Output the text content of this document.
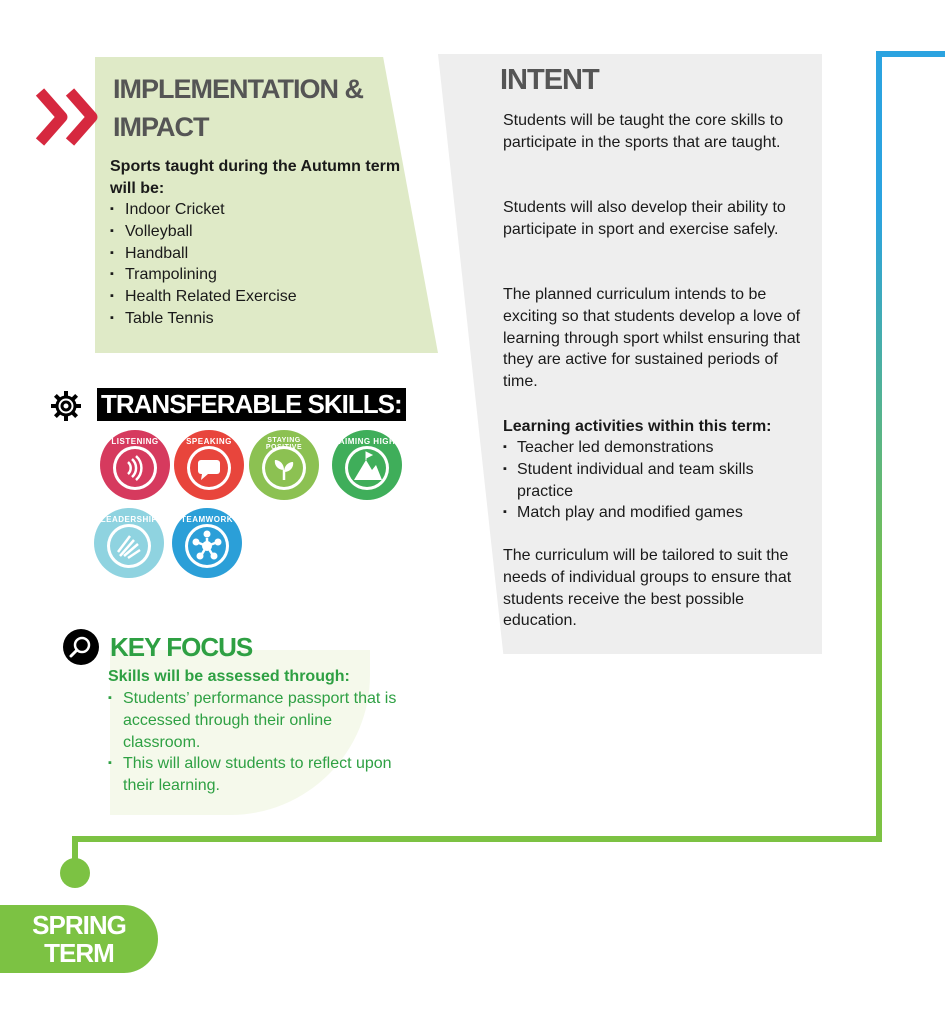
SPRING
TERM
IMPLEMENTATION & IMPACT
Sports taught during the Autumn term will be:
▪ Indoor Cricket
▪ Volleyball
▪ Handball
▪ Trampolining
▪ Health Related Exercise
▪ Table Tennis
INTENT

Students will be taught the core skills to participate in the sports that are taught.

Students will also develop their ability to participate in sport and exercise safely.

The planned curriculum intends to be exciting so that students develop a love of learning through sport whilst ensuring that they are active for sustained periods of time.

Learning activities within this term:
▪ Teacher led demonstrations
▪ Student individual and team skills practice
▪ Match play and modified games

The curriculum will be tailored to suit the needs of individual groups to ensure that students receive the best possible education.

TRANSFERABLE SKILLS:
LISTENING	SPEAKING	STAYING POSITIVE
AIMING HIGH
LEADERSHIP	TEAMWORK
KEY FOCUS
Skills will be assessed through:
▪ Students’ performance passport that is accessed through their online classroom.
▪ This will allow students to reflect upon their learning.
